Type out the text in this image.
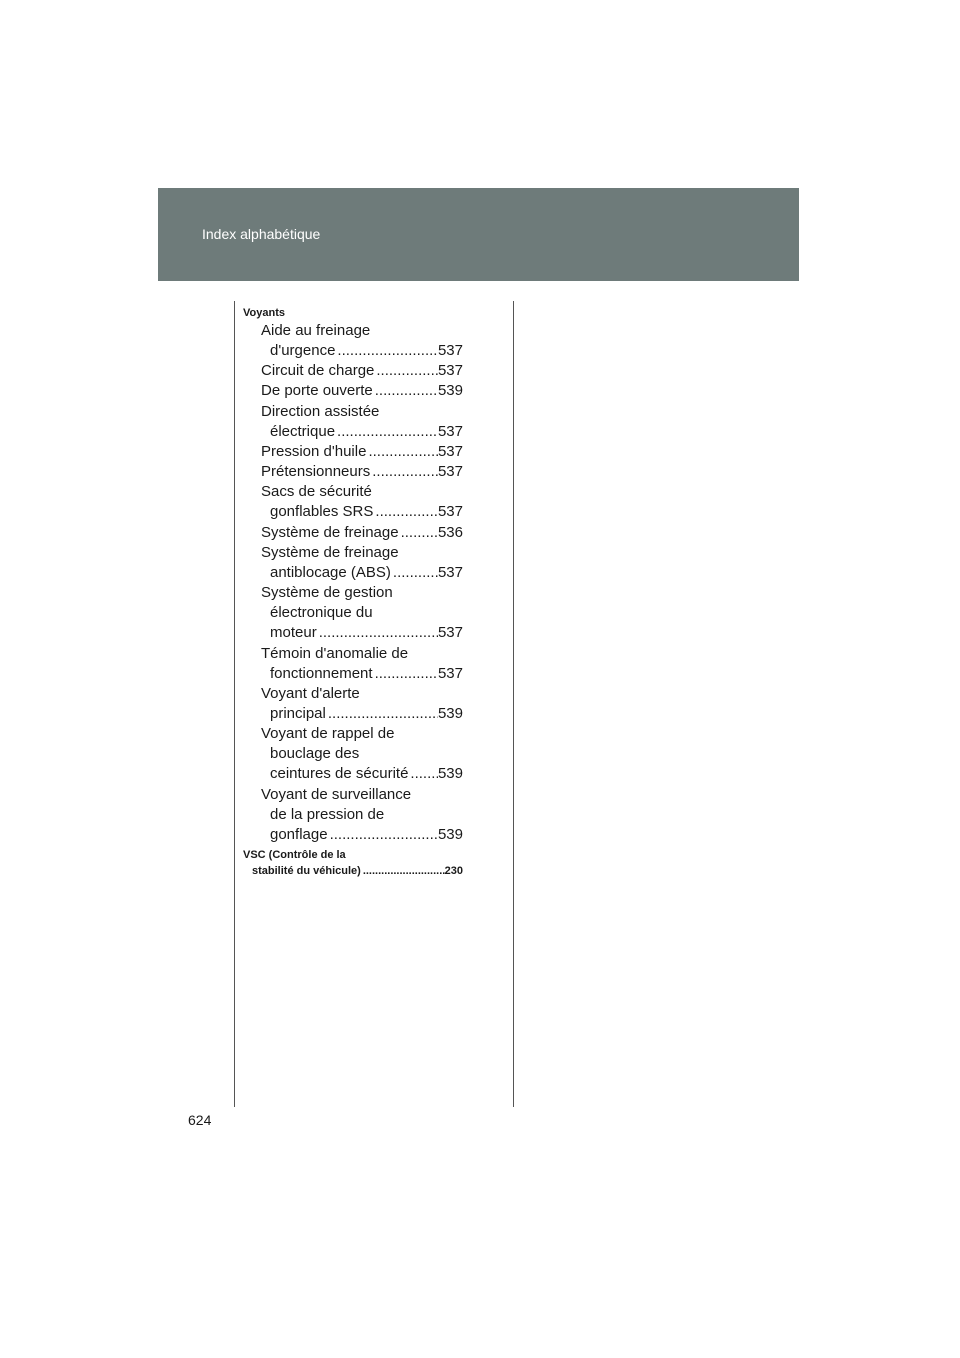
Index alphabétique
Voyants
Aide au freinage
d'urgence .....	537
Circuit de charge .....	537
De porte ouverte .....	539
Direction assistée
électrique .....	537
Pression d'huile .....	537
Prétensionneurs .....	537
Sacs de sécurité
gonflables SRS .....	537
Système de freinage .....	536
Système de freinage
antiblocage (ABS) .....	537
Système de gestion
électronique du
moteur .....	537
Témoin d'anomalie de
fonctionnement .....	537
Voyant d'alerte
principal .....	539
Voyant de rappel de
bouclage des
ceintures de sécurité ..... 539
Voyant de surveillance
de la pression de
gonflage .....	539
VSC (Contrôle de la
stabilité du véhicule) .....	230
624
